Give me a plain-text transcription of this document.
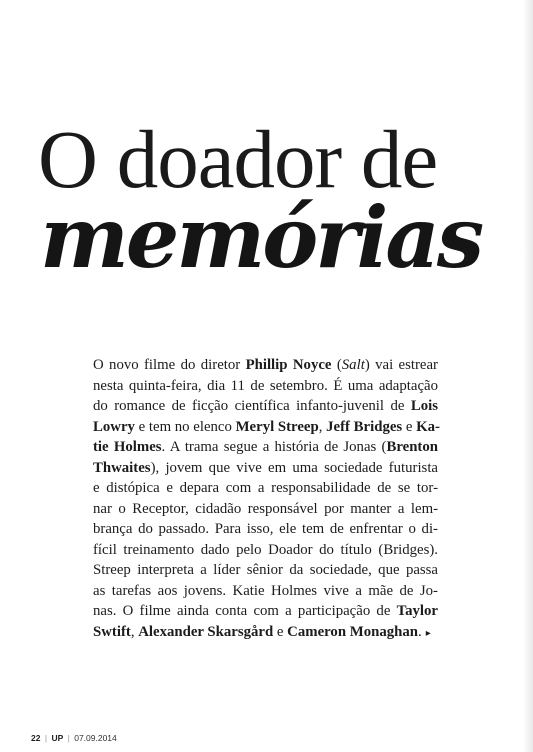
O doador de
memórias
O novo filme do diretor Phillip Noyce (Salt) vai estrear
nesta quinta-feira, dia 11 de setembro. É uma adaptação
do romance de ficção científica infanto-juvenil de Lois
Lowry e tem no elenco Meryl Streep, Jeff Bridges e Ka-
tie Holmes. A trama segue a história de Jonas (Brenton
Thwaites), jovem que vive em uma sociedade futurista
e distópica e depara com a responsabilidade de se tor-
nar o Receptor, cidadão responsável por manter a lem-
brança do passado. Para isso, ele tem de enfrentar o di-
fícil treinamento dado pelo Doador do título (Bridges).
Streep interpreta a líder sênior da sociedade, que passa
as tarefas aos jovens. Katie Holmes vive a mãe de Jo-
nas. O filme ainda conta com a participação de Taylor
Swtift, Alexander Skarsgård e Cameron Monaghan. ▸
22 | UP | 07.09.2014
